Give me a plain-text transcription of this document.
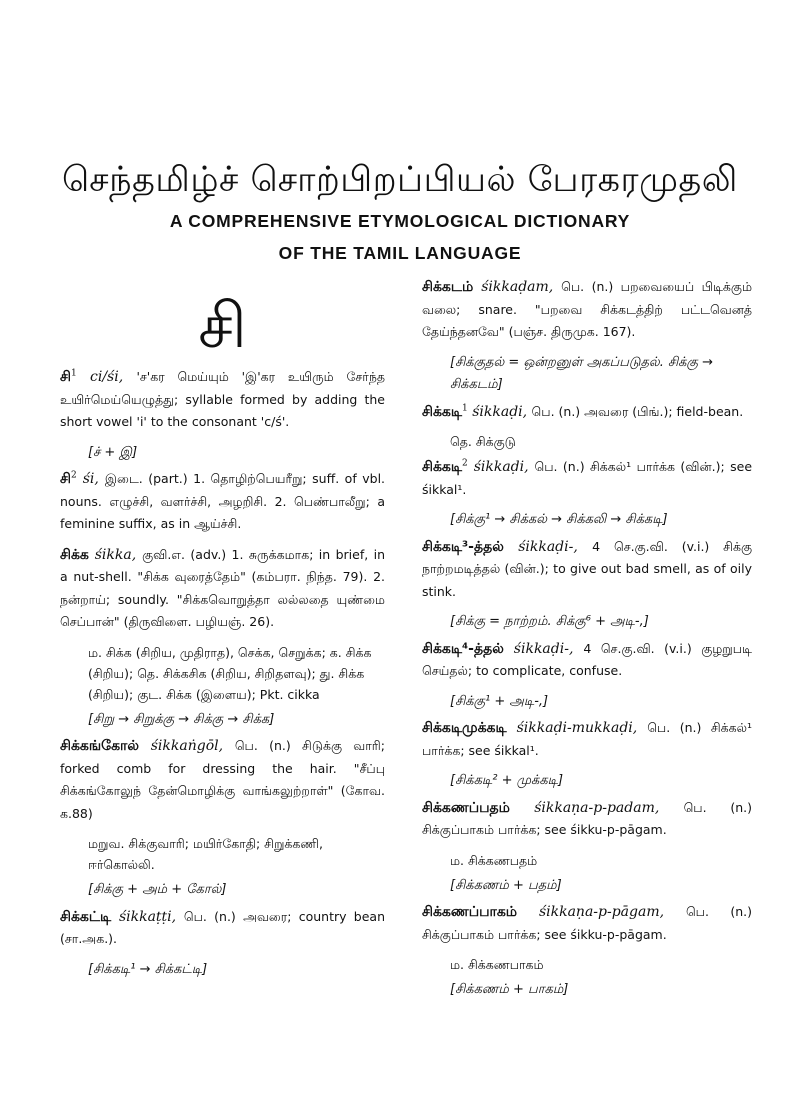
செந்தமிழ்ச் சொற்பிறப்பியல் பேரகரமுதலி
A COMPREHENSIVE ETYMOLOGICAL DICTIONARY
OF THE TAMIL LANGUAGE
சி
சி$^1$ ci/śi, 'ச'கர மெய்யும் 'இ'கர உயிரும் சேர்ந்த உயிர்மெய்யெழுத்து; syllable formed by adding the short vowel 'i' to the consonant 'c/ś'.
[ச் + இ]
சி$^2$ śi, இடை. (part.) 1. தொழிற்பெயரீறு; suff. of vbl. nouns. எழுச்சி, வளர்ச்சி, அழறிசி. 2. பெண்பாலீறு; a feminine suffix, as in ஆய்ச்சி.
சிக்க śikka, குவி.எ. (adv.) 1. சுருக்கமாக; in brief, in a nut-shell. "சிக்க வுரைத்தேம்" (கம்பரா. நிந்த. 79). 2. நன்றாய்; soundly. "சிக்கவொறுத்தா லல்லதை யுண்மை செப்பான்" (திருவிளை. பழியஞ். 26).
ம. சிக்க (சிறிய, முதிராத), செக்க, செறுக்க; க. சிக்க (சிறிய); தெ. சிக்கசிக (சிறிய, சிறிதளவு); து. சிக்க (சிறிய); குட. சிக்க (இளைய); Pkt. cikka
[சிறு → சிறுக்கு → சிக்கு → சிக்க]
சிக்கங்கோல் śikkaṅgōl, பெ. (n.) சிடுக்கு வாரி; forked comb for dressing the hair. "சீப்பு சிக்கங்கோலுந் தேன்மொழிக்கு வாங்கலுற்றாள்" (கோவ. க.88)
மறுவ. சிக்குவாரி; மயிர்கோதி; சிறுக்கணி, ஈர்கொல்லி.
[சிக்கு + அம் + கோல்]
சிக்கட்டி śikkaṭṭi, பெ. (n.) அவரை; country bean (சா.அக.).
[சிக்கடி¹ → சிக்கட்டி]
சிக்கடம் śikkaḍam, பெ. (n.) பறவையைப் பிடிக்கும் வலை; snare. "பறவை சிக்கடத்திற் பட்டவெனத் தேய்ந்தனவே" (பஞ்ச. திருமுக. 167).
[சிக்குதல் = ஒன்றனுள் அகப்படுதல். சிக்கு → சிக்கடம்]
சிக்கடி$^1$ śikkaḍi, பெ. (n.) அவரை (பிங்.); field-bean.
தெ. சிக்குடு
சிக்கடி$^2$ śikkaḍi, பெ. (n.) சிக்கல்¹ பார்க்க (வின்.); see śikkal¹.
[சிக்கு¹ → சிக்கல் → சிக்கலி → சிக்கடி]
சிக்கடி³-த்தல் śikkaḍi-, 4 செ.கு.வி. (v.i.) சிக்கு நாற்றமடித்தல் (வின்.); to give out bad smell, as of oily stink.
[சிக்கு = நாற்றம். சிக்கு⁶ + அடி-,]
சிக்கடி⁴-த்தல் śikkaḍi-, 4 செ.கு.வி. (v.i.) குழறுபடி செய்தல்; to complicate, confuse.
[சிக்கு¹ + அடி-,]
சிக்கடிமுக்கடி śikkaḍi-mukkaḍi, பெ. (n.) சிக்கல்¹ பார்க்க; see śikkal¹.
[சிக்கடி² + முக்கடி]
சிக்கணப்பதம் śikkaṇa-p-padam, பெ. (n.) சிக்குப்பாகம் பார்க்க; see śikku-p-pāgam.
ம. சிக்கணபதம்
[சிக்கணம் + பதம்]
சிக்கணப்பாகம் śikkaṇa-p-pāgam, பெ. (n.) சிக்குப்பாகம் பார்க்க; see śikku-p-pāgam.
ம. சிக்கணபாகம்
[சிக்கணம் + பாகம்]
